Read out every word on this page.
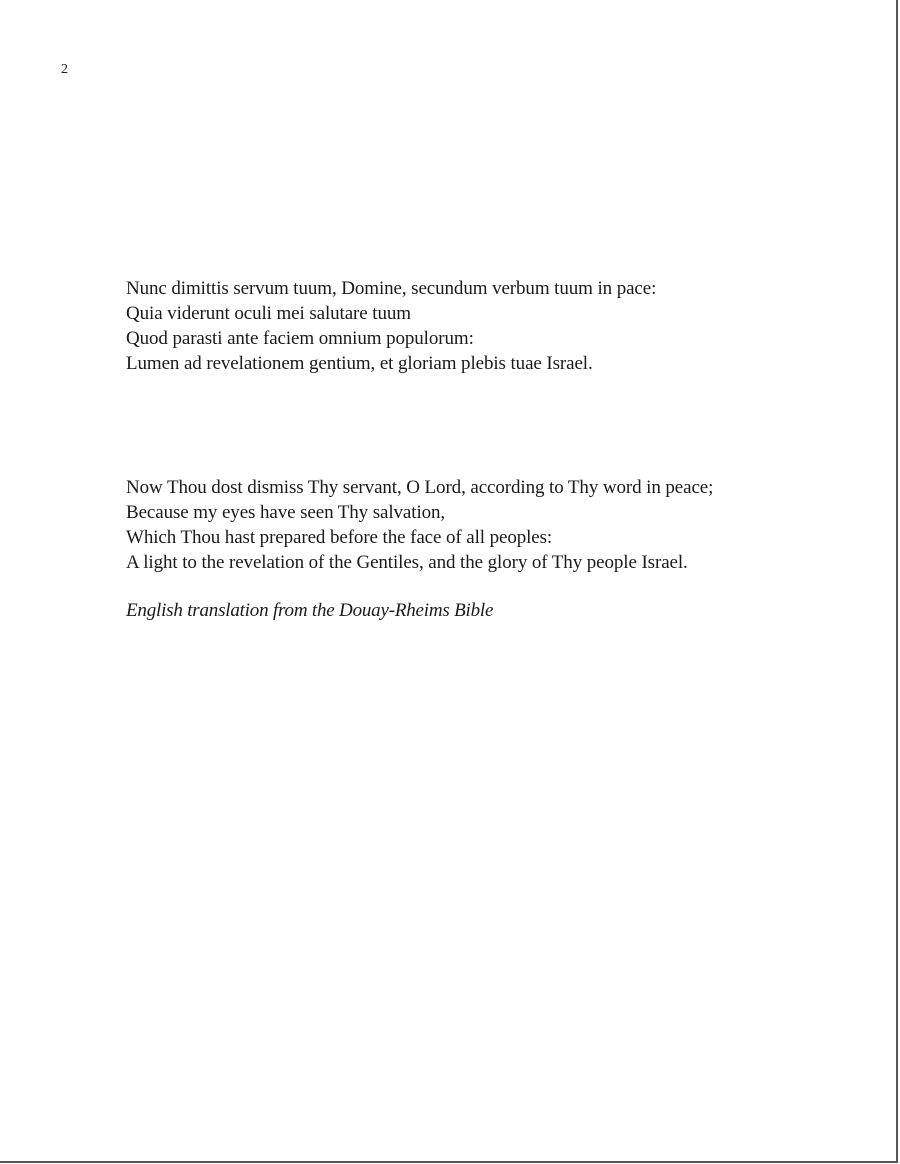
2
Nunc dimittis servum tuum, Domine, secundum verbum tuum in pace:
Quia viderunt oculi mei salutare tuum
Quod parasti ante faciem omnium populorum:
Lumen ad revelationem gentium, et gloriam plebis tuae Israel.
Now Thou dost dismiss Thy servant, O Lord, according to Thy word in peace;
Because my eyes have seen Thy salvation,
Which Thou hast prepared before the face of all peoples:
A light to the revelation of the Gentiles, and the glory of Thy people Israel.
English translation from the Douay-Rheims Bible
